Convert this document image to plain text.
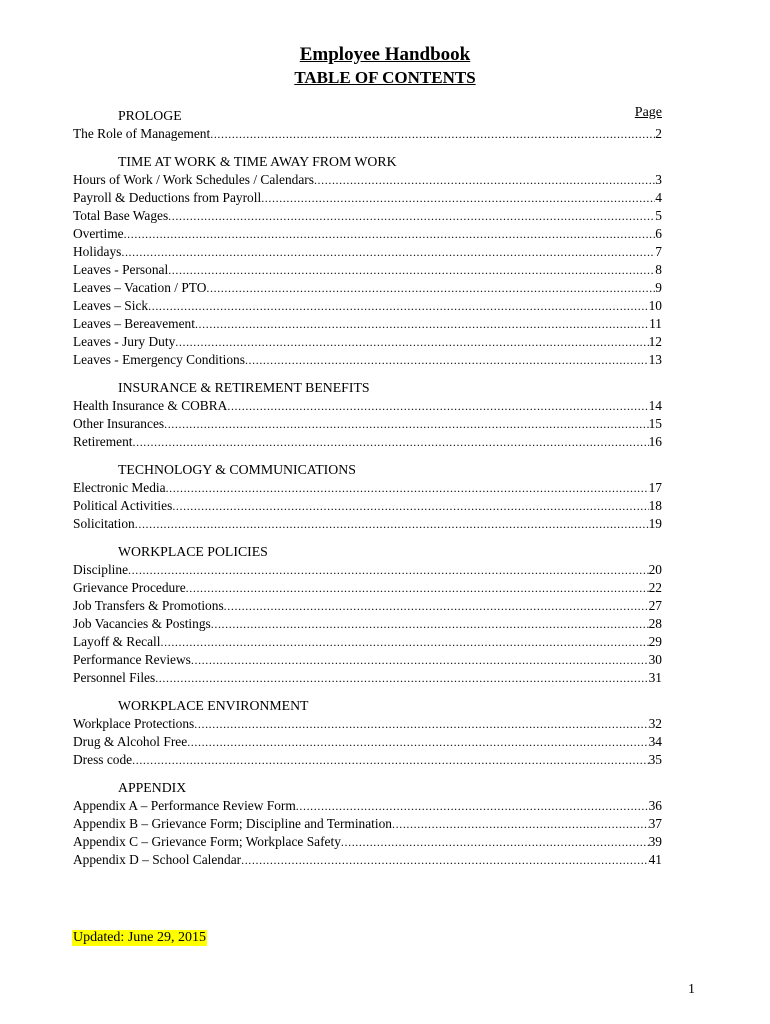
Employee Handbook
TABLE OF CONTENTS
Page
PROLOGE
The Role of Management .....	2
TIME AT WORK & TIME AWAY FROM WORK
Hours of Work / Work Schedules / Calendars .....	3
Payroll & Deductions from Payroll .....	4
Total Base Wages .....	5
Overtime .....	6
Holidays .....	7
Leaves - Personal .....	8
Leaves – Vacation / PTO .....	9
Leaves – Sick .....	10
Leaves – Bereavement .....	11
Leaves - Jury Duty .....	12
Leaves - Emergency Conditions .....	13
INSURANCE & RETIREMENT BENEFITS
Health Insurance & COBRA .....	14
Other Insurances .....	15
Retirement .....	16
TECHNOLOGY & COMMUNICATIONS
Electronic Media .....	17
Political Activities .....	18
Solicitation .....	19
WORKPLACE POLICIES
Discipline .....	20
Grievance Procedure .....	22
Job Transfers & Promotions .....	27
Job Vacancies & Postings .....	28
Layoff & Recall .....	29
Performance Reviews .....	30
Personnel Files .....	31
WORKPLACE ENVIRONMENT
Workplace Protections .....	32
Drug & Alcohol Free .....	34
Dress code .....	35
APPENDIX
Appendix A – Performance Review Form .....	36
Appendix B – Grievance Form; Discipline and Termination .....	37
Appendix C – Grievance Form; Workplace Safety .....	39
Appendix D – School Calendar .....	41
Updated: June 29, 2015
1
